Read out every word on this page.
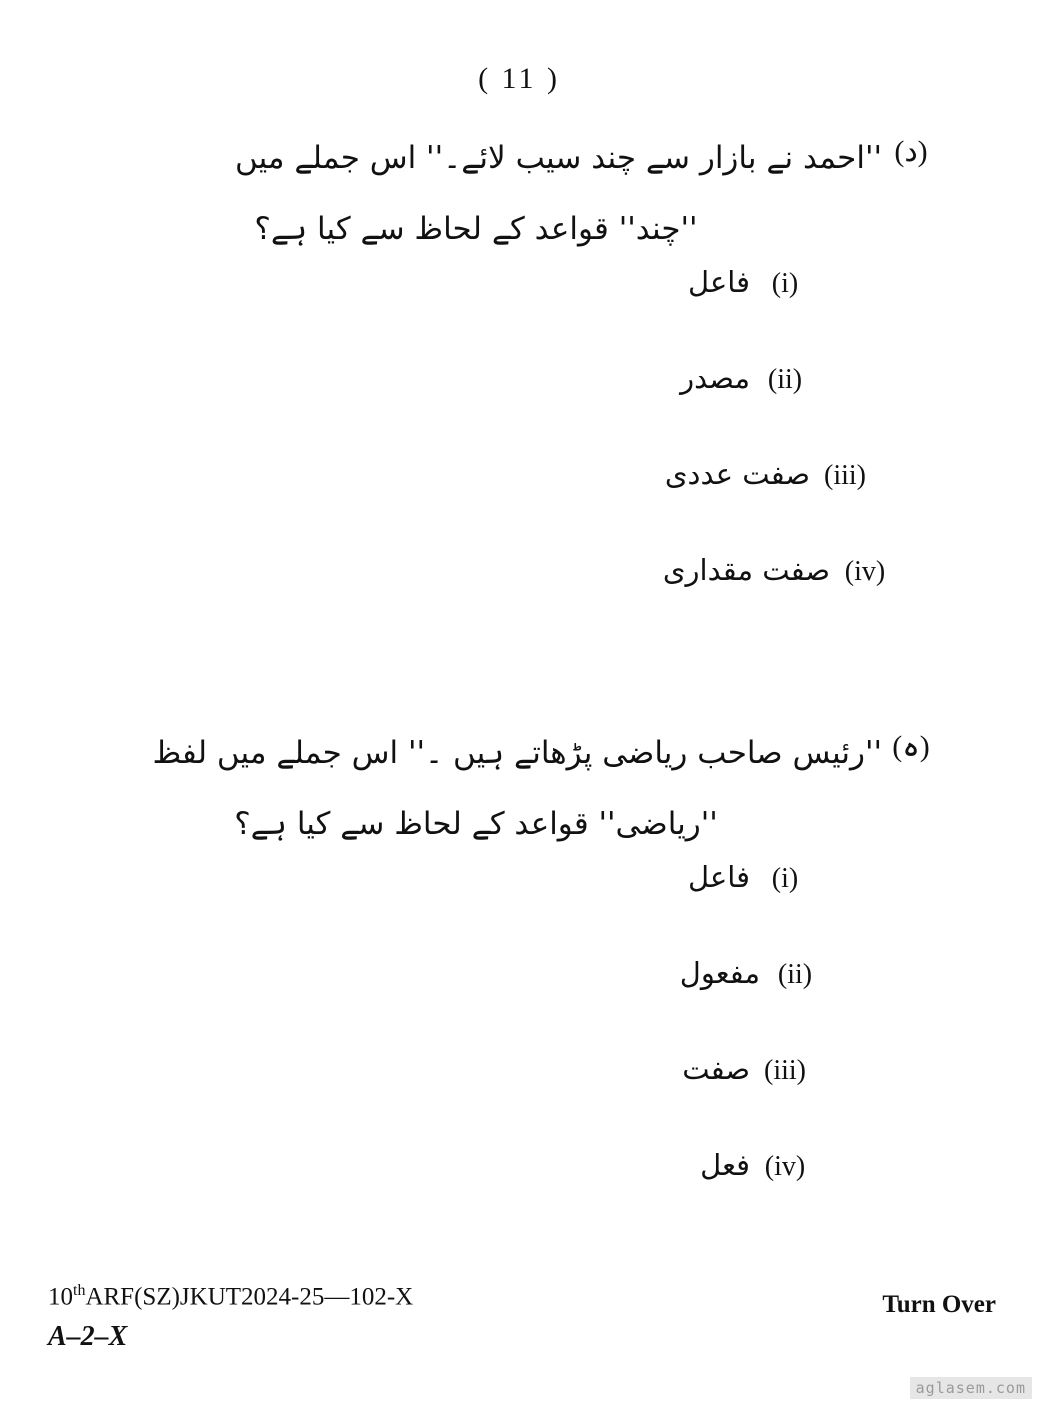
( 11 )
(د)
''احمد نے بازار سے چند سیب لائے۔'' اس جملے میں
''چند'' قواعد کے لحاظ سے کیا ہے؟
(i)
فاعل
(ii)
مصدر
(iii)
صفت عددی
(iv)
صفت مقداری
(ہ)
''رئیس صاحب ریاضی پڑھاتے ہیں ۔'' اس جملے میں لفظ
''ریاضی'' قواعد کے لحاظ سے کیا ہے؟
(i)
فاعل
(ii)
مفعول
(iii)
صفت
(iv)
فعل
10thARF(SZ)JKUT2024-25—102-X	Turn Over
A–2–X
aglasem.com
